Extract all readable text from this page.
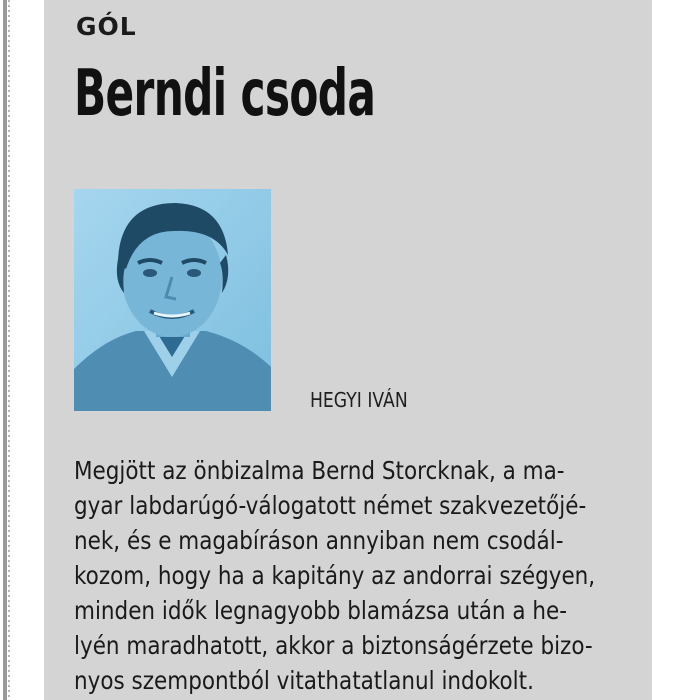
GÓL
Berndi csoda
HEGYI IVÁN
Megjött az önbizalma Bernd Storcknak, a ma-
gyar labdarúgó-válogatott német szakvezetőjé-
nek, és e magabíráson annyiban nem csodál-
kozom, hogy ha a kapitány az andorrai szégyen,
minden idők legnagyobb blamázsa után a he-
lyén maradhatott, akkor a biztonságérzete bizo-
nyos szempontból vitathatatlanul indokolt.
